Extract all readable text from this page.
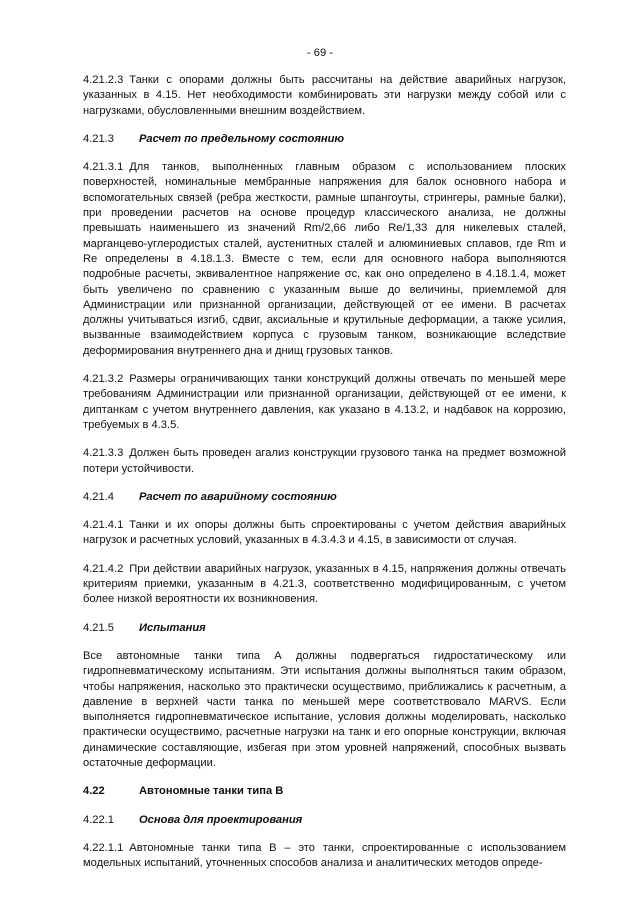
- 69 -

4.21.2.3 Танки с опорами должны быть рассчитаны на действие аварийных нагрузок, указанных в 4.15. Нет необходимости комбинировать эти нагрузки между собой или с нагрузками, обусловленными внешним воздействием.

4.21.3 Расчет по предельному состоянию

4.21.3.1 Для танков, выполненных главным образом с использованием плоских поверхностей, номинальные мембранные напряжения для балок основного набора и вспомогательных связей (ребра жесткости, рамные шпангоуты, стрингеры, рамные балки), при проведении расчетов на основе процедур классического анализа, не должны превышать наименьшего из значений Rm/2,66 либо Re/1,33 для никелевых сталей, марганцево-углеродистых сталей, аустенитных сталей и алюминиевых сплавов, где Rm и Re определены в 4.18.1.3. Вместе с тем, если для основного набора выполняются подробные расчеты, эквивалентное напряжение σc, как оно определено в 4.18.1.4, может быть увеличено по сравнению с указанным выше до величины, приемлемой для Администрации или признанной организации, действующей от ее имени. В расчетах должны учитываться изгиб, сдвиг, аксиальные и крутильные деформации, а также усилия, вызванные взаимодействием корпуса с грузовым танком, возникающие вследствие деформирования внутреннего дна и днищ грузовых танков.

4.21.3.2 Размеры ограничивающих танки конструкций должны отвечать по меньшей мере требованиям Администрации или признанной организации, действующей от ее имени, к диптанкам с учетом внутреннего давления, как указано в 4.13.2, и надбавок на коррозию, требуемых в 4.3.5.

4.21.3.3 Должен быть проведен агализ конструкции грузового танка на предмет возможной потери устойчивости.

4.21.4 Расчет по аварийному состоянию

4.21.4.1 Танки и их опоры должны быть спроектированы с учетом действия аварийных нагрузок и расчетных условий, указанных в 4.3.4.3 и 4.15, в зависимости от случая.

4.21.4.2 При действии аварийных нагрузок, указанных в 4.15, напряжения должны отвечать критериям приемки, указанным в 4.21.3, соответственно модифицированным, с учетом более низкой вероятности их возникновения.

4.21.5 Испытания

Все автономные танки типа А должны подвергаться гидростатическому или гидропневматическому испытаниям. Эти испытания должны выполняться таким образом, чтобы напряжения, насколько это практически осуществимо, приближались к расчетным, а давление в верхней части танка по меньшей мере соответствовало MARVS. Если выполняется гидропневматическое испытание, условия должны моделировать, насколько практически осуществимо, расчетные нагрузки на танк и его опорные конструкции, включая динамические составляющие, избегая при этом уровней напряжений, способных вызвать остаточные деформации.

4.22	Автономные танки типа В
4.22.1 Основа для проектирования

4.22.1.1 Автономные танки типа В – это танки, спроектированные с использованием модельных испытаний, уточненных способов анализа и аналитических методов опреде-
